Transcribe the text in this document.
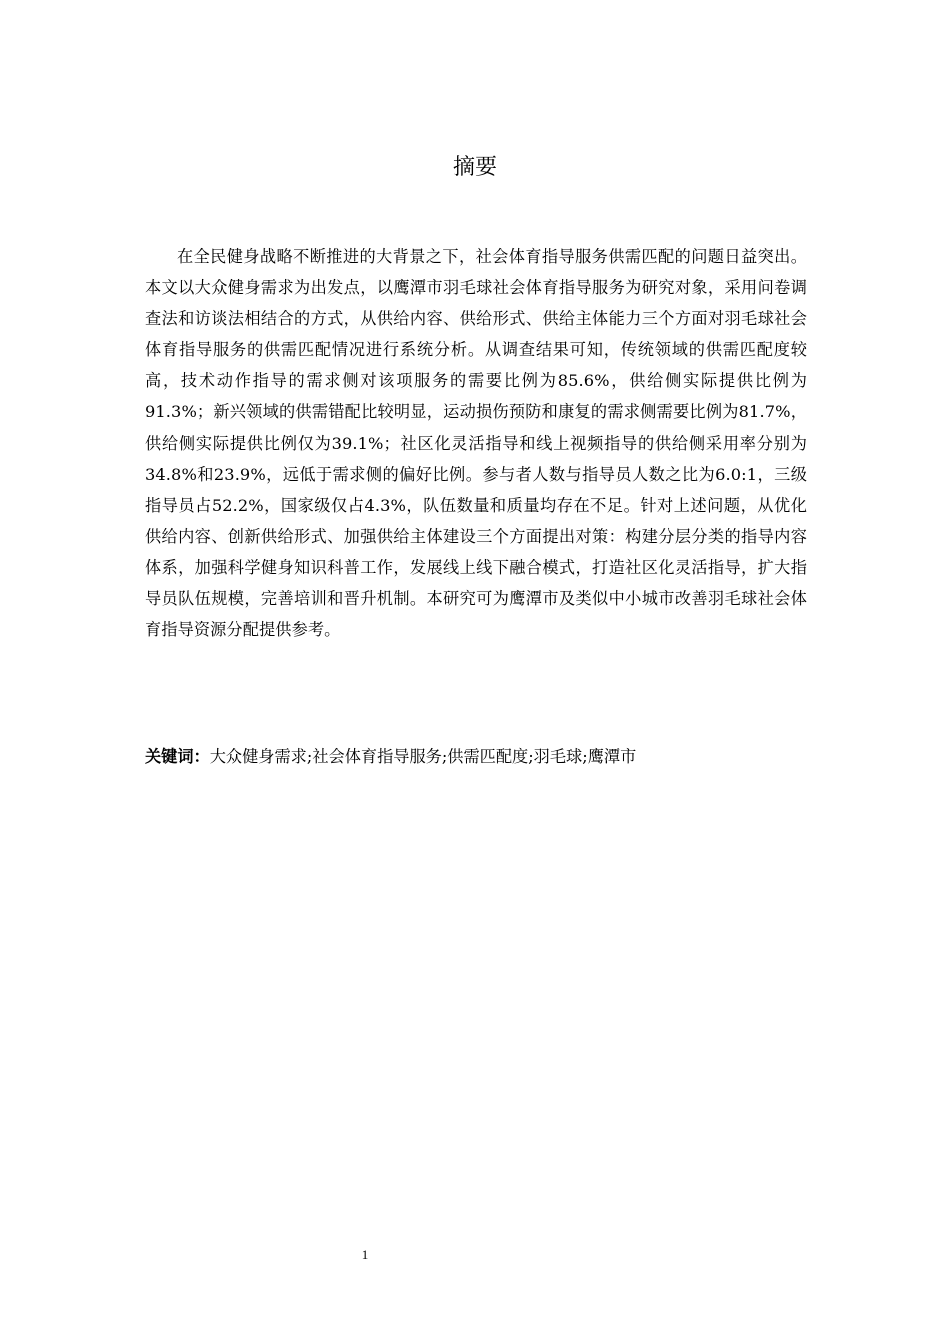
摘要

在全民健身战略不断推进的大背景之下，社会体育指导服务供需匹配的问题日益突出。本文以大众健身需求为出发点，以鹰潭市羽毛球社会体育指导服务为研究对象，采用问卷调查法和访谈法相结合的方式，从供给内容、供给形式、供给主体能力三个方面对羽毛球社会体育指导服务的供需匹配情况进行系统分析。从调查结果可知，传统领域的供需匹配度较高，技术动作指导的需求侧对该项服务的需要比例为85.6%，供给侧实际提供比例为91.3%；新兴领域的供需错配比较明显，运动损伤预防和康复的需求侧需要比例为81.7%，供给侧实际提供比例仅为39.1%；社区化灵活指导和线上视频指导的供给侧采用率分别为34.8%和23.9%，远低于需求侧的偏好比例。参与者人数与指导员人数之比为6.0:1，三级指导员占52.2%，国家级仅占4.3%，队伍数量和质量均存在不足。针对上述问题，从优化供给内容、创新供给形式、加强供给主体建设三个方面提出对策：构建分层分类的指导内容体系，加强科学健身知识科普工作，发展线上线下融合模式，打造社区化灵活指导，扩大指导员队伍规模，完善培训和晋升机制。本研究可为鹰潭市及类似中小城市改善羽毛球社会体育指导资源分配提供参考。

关键词：大众健身需求;社会体育指导服务;供需匹配度;羽毛球;鹰潭市

1
